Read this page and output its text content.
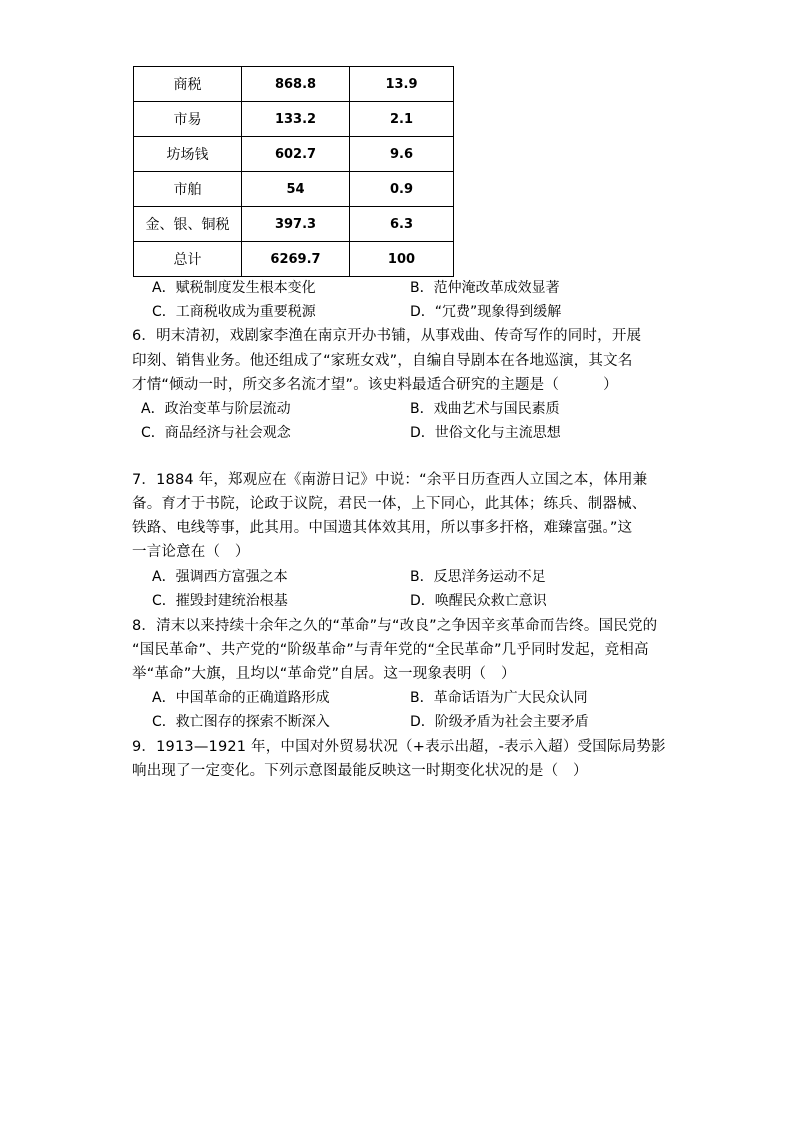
商税	868.8	13.9
市易	133.2	2.1
坊场钱	602.7	9.6
市舶	54	0.9
金、银、铜税	397.3	6.3
总计	6269.7	100
A．赋税制度发生根本变化	B．范仲淹改革成效显著
C．工商税收成为重要税源	D．“冗费”现象得到缓解
6．明末清初，戏剧家李渔在南京开办书铺，从事戏曲、传奇写作的同时，开展
印刻、销售业务。他还组成了“家班女戏”，自编自导剧本在各地巡演，其文名
才情“倾动一时，所交多名流才望”。该史料最适合研究的主题是（　　　）
A．政治变革与阶层流动	B．戏曲艺术与国民素质
C．商品经济与社会观念	D．世俗文化与主流思想
7．1884 年，郑观应在《南游日记》中说：“余平日历查西人立国之本，体用兼
备。育才于书院，论政于议院，君民一体，上下同心，此其体；练兵、制器械、
铁路、电线等事，此其用。中国遗其体效其用，所以事多扞格，难臻富强。”这
一言论意在（　）
A．强调西方富强之本	B．反思洋务运动不足
C．摧毁封建统治根基	D．唤醒民众救亡意识
8．清末以来持续十余年之久的“革命”与“改良”之争因辛亥革命而告终。国民党的
“国民革命”、共产党的“阶级革命”与青年党的“全民革命”几乎同时发起，竞相高
举“革命”大旗，且均以“革命党”自居。这一现象表明（　）
A．中国革命的正确道路形成	B．革命话语为广大民众认同
C．救亡图存的探索不断深入	D．阶级矛盾为社会主要矛盾
9．1913—1921 年，中国对外贸易状况（+表示出超，-表示入超）受国际局势影
响出现了一定变化。下列示意图最能反映这一时期变化状况的是（　）
